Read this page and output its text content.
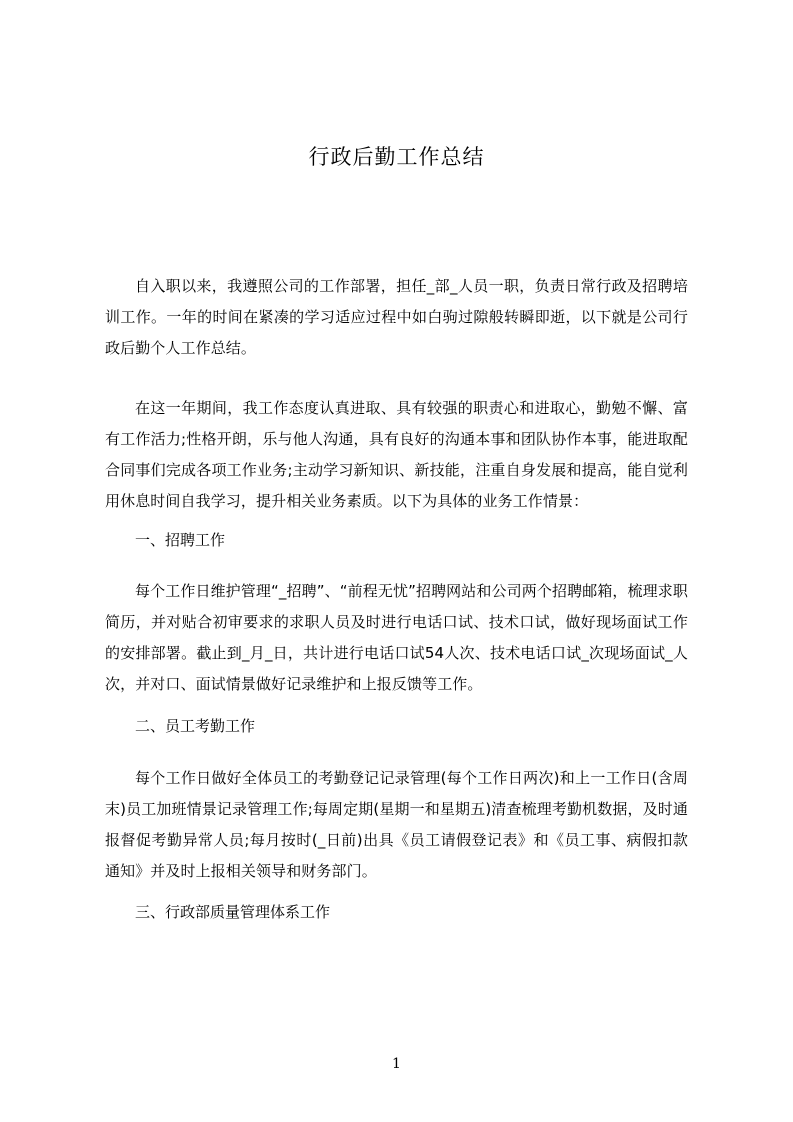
行政后勤工作总结

自入职以来，我遵照公司的工作部署，担任_部_人员一职，负责日常行政及招聘培训工作。一年的时间在紧凑的学习适应过程中如白驹过隙般转瞬即逝，以下就是公司行政后勤个人工作总结。

在这一年期间，我工作态度认真进取、具有较强的职责心和进取心，勤勉不懈、富有工作活力;性格开朗，乐与他人沟通，具有良好的沟通本事和团队协作本事，能进取配合同事们完成各项工作业务;主动学习新知识、新技能，注重自身发展和提高，能自觉利用休息时间自我学习，提升相关业务素质。以下为具体的业务工作情景：

一、招聘工作

每个工作日维护管理“_招聘”、“前程无忧”招聘网站和公司两个招聘邮箱，梳理求职简历，并对贴合初审要求的求职人员及时进行电话口试、技术口试，做好现场面试工作的安排部署。截止到_月_日，共计进行电话口试54人次、技术电话口试_次现场面试_人次，并对口、面试情景做好记录维护和上报反馈等工作。

二、员工考勤工作

每个工作日做好全体员工的考勤登记记录管理(每个工作日两次)和上一工作日(含周末)员工加班情景记录管理工作;每周定期(星期一和星期五)清查梳理考勤机数据，及时通报督促考勤异常人员;每月按时(_日前)出具《员工请假登记表》和《员工事、病假扣款通知》并及时上报相关领导和财务部门。

三、行政部质量管理体系工作
1
